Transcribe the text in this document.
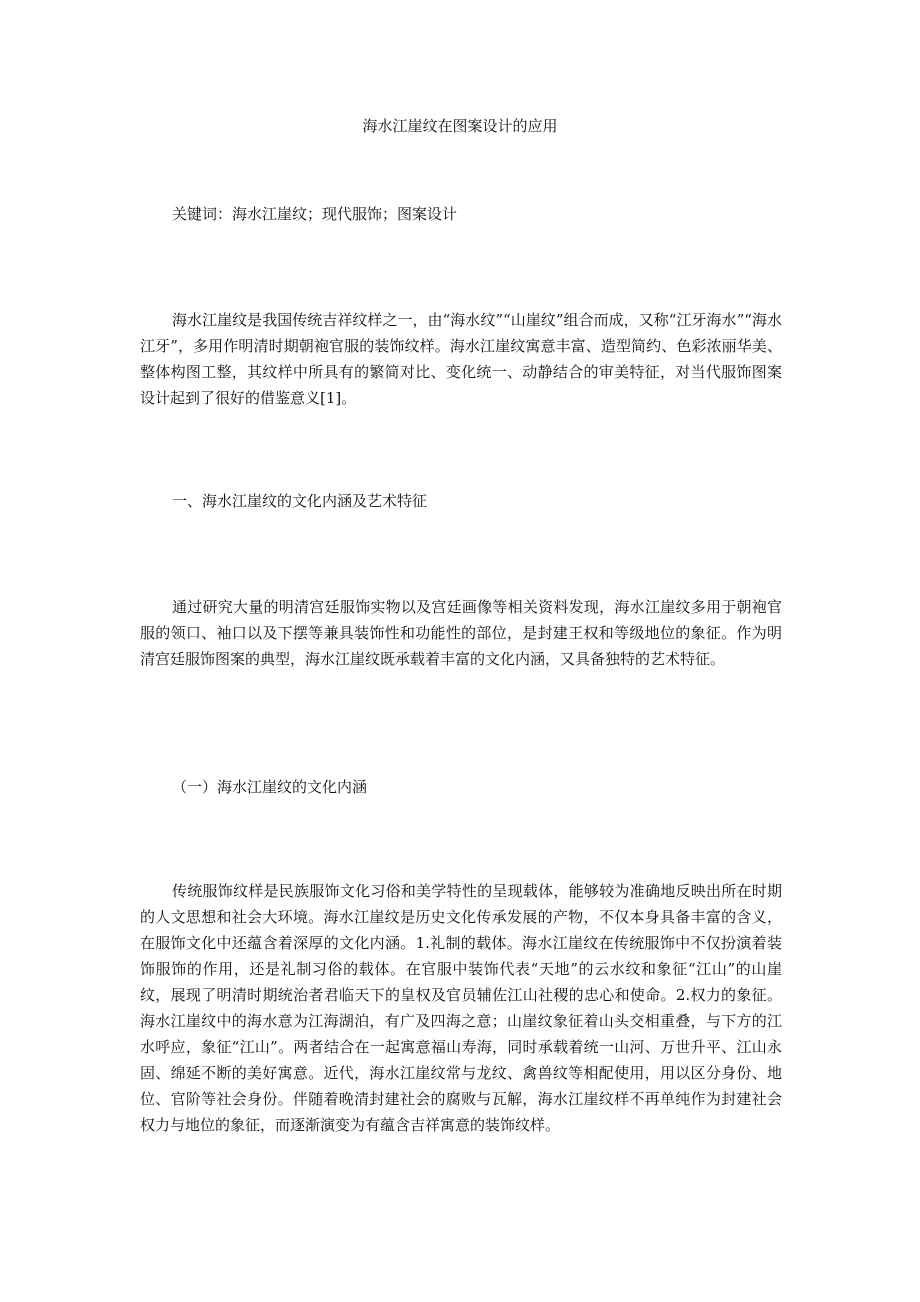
海水江崖纹在图案设计的应用
关键词：海水江崖纹；现代服饰；图案设计
海水江崖纹是我国传统吉祥纹样之一，由“海水纹”“山崖纹”组合而成，又称“江牙海水”“海水江牙”，多用作明清时期朝袍官服的装饰纹样。海水江崖纹寓意丰富、造型简约、色彩浓丽华美、整体构图工整，其纹样中所具有的繁简对比、变化统一、动静结合的审美特征，对当代服饰图案设计起到了很好的借鉴意义[1]。
一、海水江崖纹的文化内涵及艺术特征
通过研究大量的明清宫廷服饰实物以及宫廷画像等相关资料发现，海水江崖纹多用于朝袍官服的领口、袖口以及下摆等兼具装饰性和功能性的部位，是封建王权和等级地位的象征。作为明清宫廷服饰图案的典型，海水江崖纹既承载着丰富的文化内涵，又具备独特的艺术特征。
（一）海水江崖纹的文化内涵
传统服饰纹样是民族服饰文化习俗和美学特性的呈现载体，能够较为准确地反映出所在时期的人文思想和社会大环境。海水江崖纹是历史文化传承发展的产物，不仅本身具备丰富的含义，在服饰文化中还蕴含着深厚的文化内涵。1.礼制的载体。海水江崖纹在传统服饰中不仅扮演着装饰服饰的作用，还是礼制习俗的载体。在官服中装饰代表“天地”的云水纹和象征“江山”的山崖纹，展现了明清时期统治者君临天下的皇权及官员辅佐江山社稷的忠心和使命。2.权力的象征。海水江崖纹中的海水意为江海湖泊，有广及四海之意；山崖纹象征着山头交相重叠，与下方的江水呼应，象征“江山”。两者结合在一起寓意福山寿海，同时承载着统一山河、万世升平、江山永固、绵延不断的美好寓意。近代，海水江崖纹常与龙纹、禽兽纹等相配使用，用以区分身份、地位、官阶等社会身份。伴随着晚清封建社会的腐败与瓦解，海水江崖纹样不再单纯作为封建社会权力与地位的象征，而逐渐演变为有蕴含吉祥寓意的装饰纹样。
